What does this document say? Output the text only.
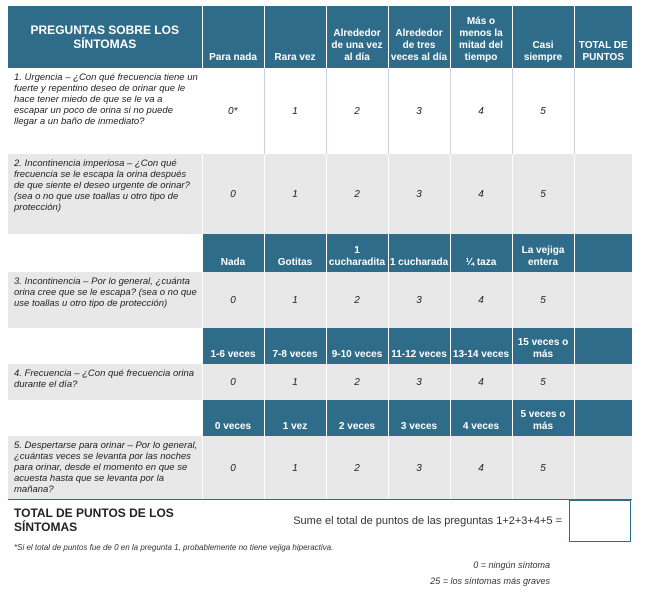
PREGUNTAS SOBRE LOS SÍNTOMAS	Para nada	Rara vez	Alrededor de una vez al día	Alrededor de tres veces al día	Más o menos la mitad del tiempo	Casi siempre	TOTAL DE PUNTOS
1. Urgencia – ¿Con qué frecuencia tiene un fuerte y repentino deseo de orinar que le hace tener miedo de que se le va a escapar un poco de orina si no puede llegar a un baño de inmediato?	0*	1	2	3	4	5	
2. Incontinencia imperiosa – ¿Con qué frecuencia se le escapa la orina después de que siente el deseo urgente de orinar? (sea o no que use toallas u otro tipo de protección)	0	1	2	3	4	5	
	Nada	Gotitas	1 cucharadita	1 cucharada	¼ taza	La vejiga entera	
3. Incontinencia – Por lo general, ¿cuánta orina cree que se le escapa? (sea o no que use toallas u otro tipo de protección)	0	1	2	3	4	5	
	1-6 veces	7-8 veces	9-10 veces	11-12 veces	13-14 veces	15 veces o más	
4. Frecuencia – ¿Con qué frecuencia orina durante el día?	0	1	2	3	4	5	
	0 veces	1 vez	2 veces	3 veces	4 veces	5 veces o más	
5. Despertarse para orinar – Por lo general, ¿cuántas veces se levanta por las noches para orinar, desde el momento en que se acuesta hasta que se levanta por la mañana?	0	1	2	3	4	5	
TOTAL DE PUNTOS DE LOS SÍNTOMAS	Sume el total de puntos de las preguntas 1+2+3+4+5 =
*Si el total de puntos fue de 0 en la pregunta 1, probablemente no tiene vejiga hiperactiva.
0 = ningún síntoma
25 = los síntomas más graves
